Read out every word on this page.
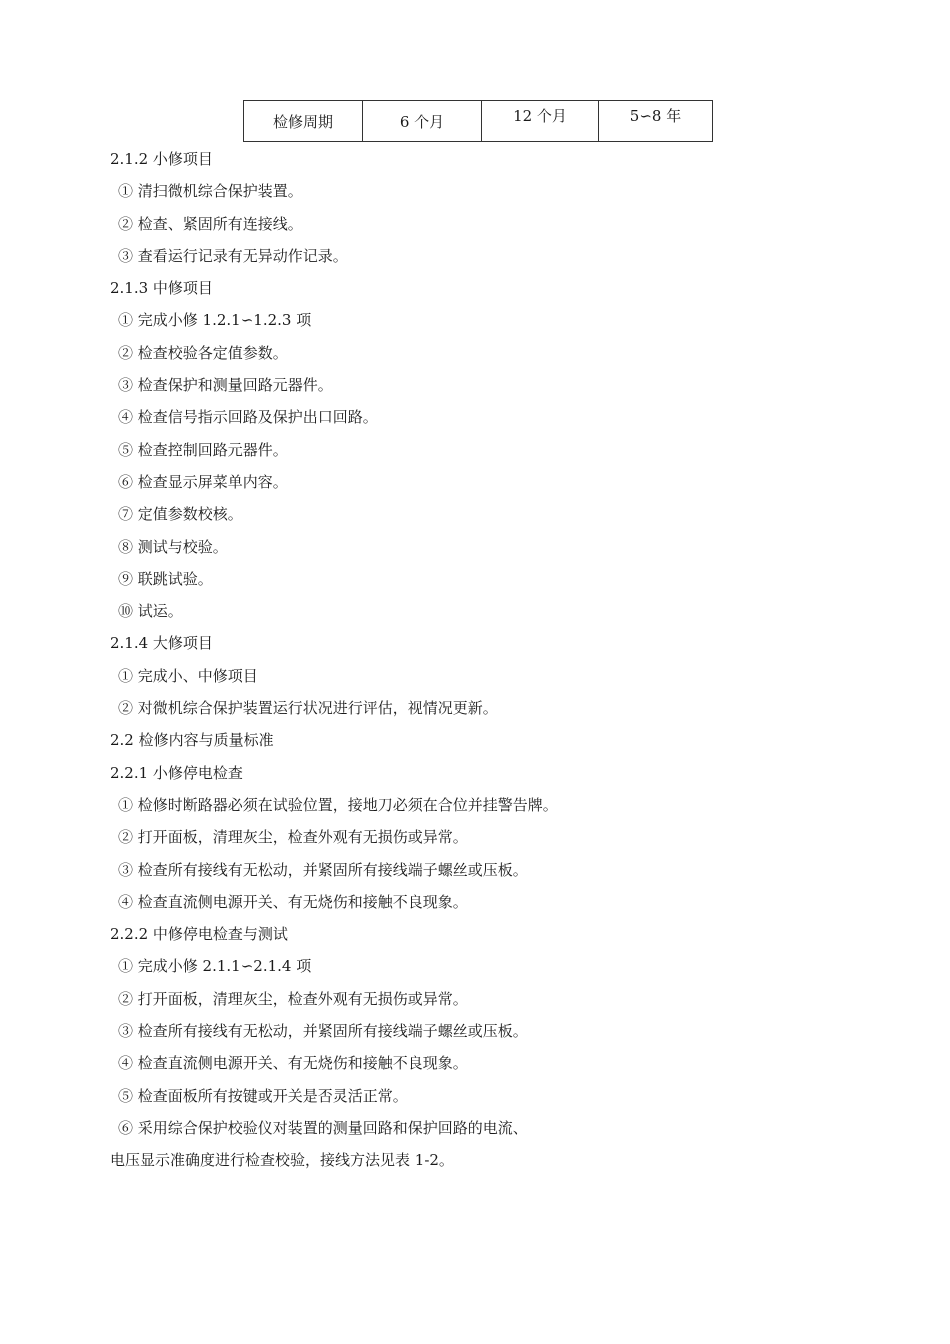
检修周期	6 个月	12 个月	5∽8 年
2.1.2 小修项目
① 清扫微机综合保护装置。
② 检查、紧固所有连接线。
③ 查看运行记录有无异动作记录。
2.1.3 中修项目
① 完成小修 1.2.1∽1.2.3 项
② 检查校验各定值参数。
③ 检查保护和测量回路元器件。
④ 检查信号指示回路及保护出口回路。
⑤ 检查控制回路元器件。
⑥ 检查显示屏菜单内容。
⑦ 定值参数校核。
⑧ 测试与校验。
⑨ 联跳试验。
⑩ 试运。
2.1.4 大修项目
① 完成小、中修项目
② 对微机综合保护装置运行状况进行评估，视情况更新。
2.2 检修内容与质量标准
2.2.1 小修停电检查
① 检修时断路器必须在试验位置，接地刀必须在合位并挂警告牌。
② 打开面板，清理灰尘，检查外观有无损伤或异常。
③ 检查所有接线有无松动，并紧固所有接线端子螺丝或压板。
④ 检查直流侧电源开关、有无烧伤和接触不良现象。
2.2.2 中修停电检查与测试
① 完成小修 2.1.1∽2.1.4 项
② 打开面板，清理灰尘，检查外观有无损伤或异常。
③ 检查所有接线有无松动，并紧固所有接线端子螺丝或压板。
④ 检查直流侧电源开关、有无烧伤和接触不良现象。
⑤ 检查面板所有按键或开关是否灵活正常。
⑥ 采用综合保护校验仪对装置的测量回路和保护回路的电流、
电压显示准确度进行检查校验，接线方法见表 1-2。
